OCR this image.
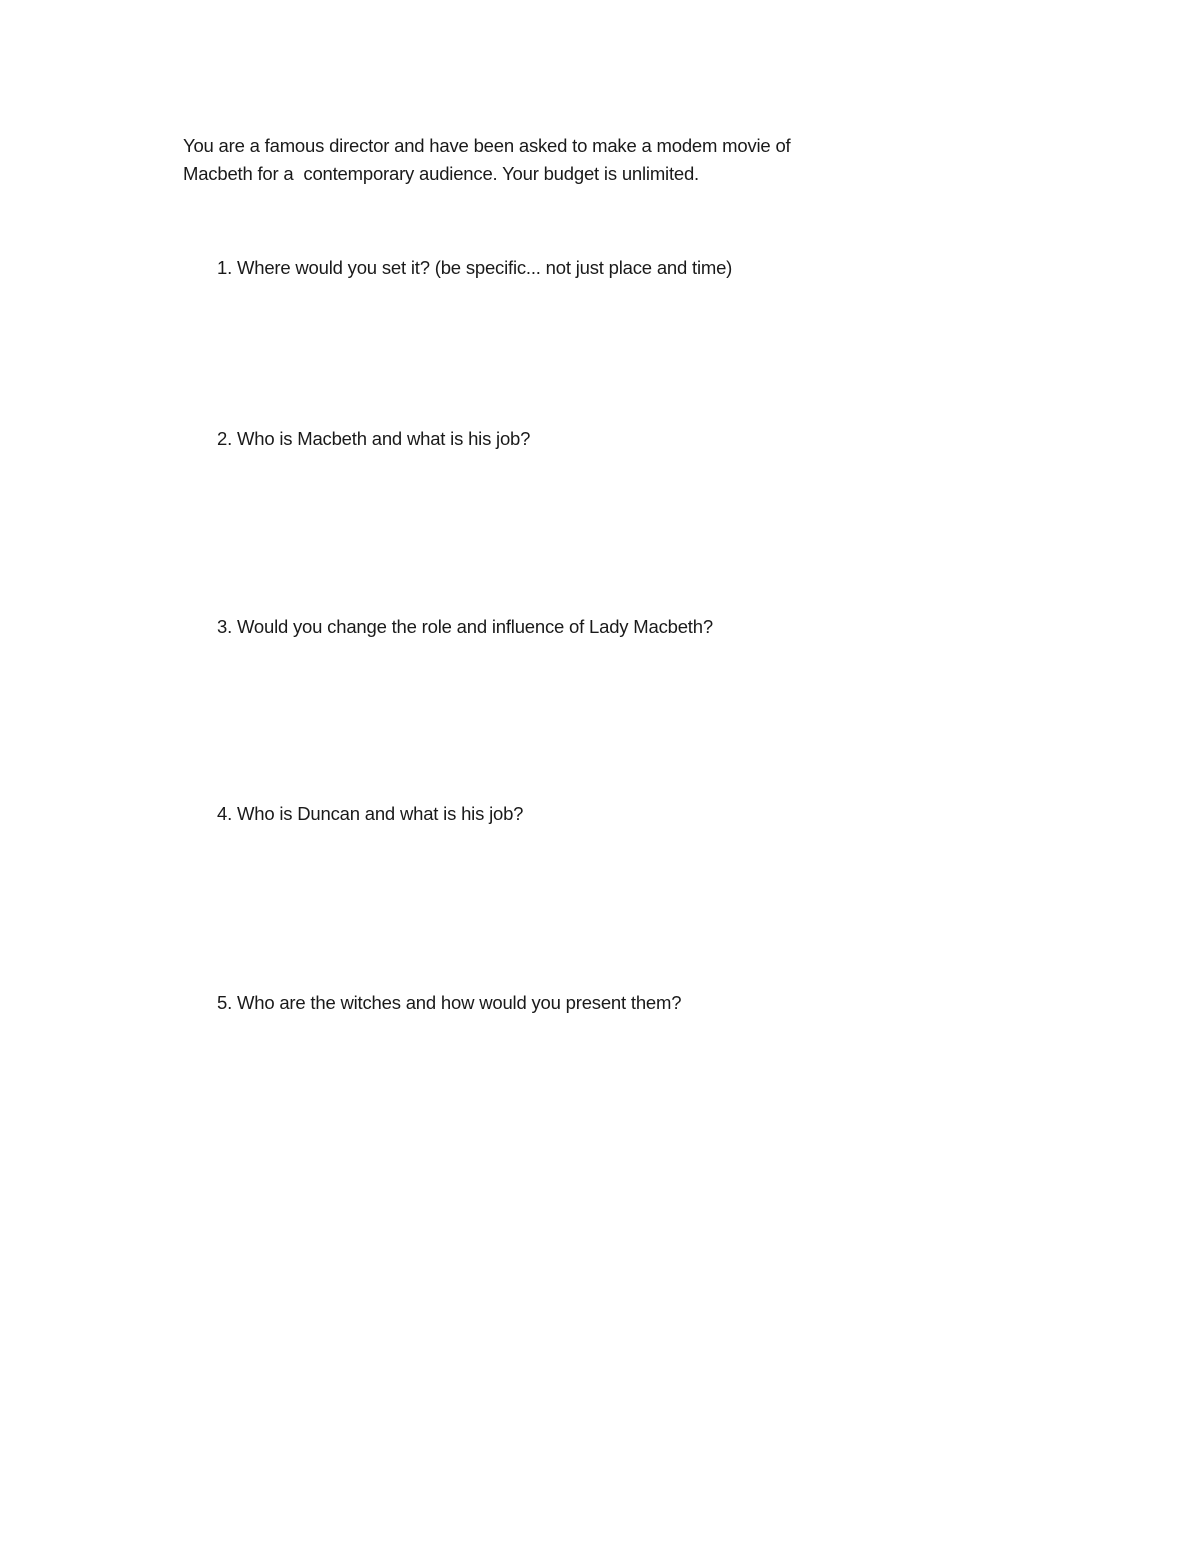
You are a famous director and have been asked to make a modem movie of
Macbeth for a  contemporary audience. Your budget is unlimited.

1. Where would you set it? (be specific... not just place and time)

2. Who is Macbeth and what is his job?

3. Would you change the role and influence of Lady Macbeth?

4. Who is Duncan and what is his job?

5. Who are the witches and how would you present them?
